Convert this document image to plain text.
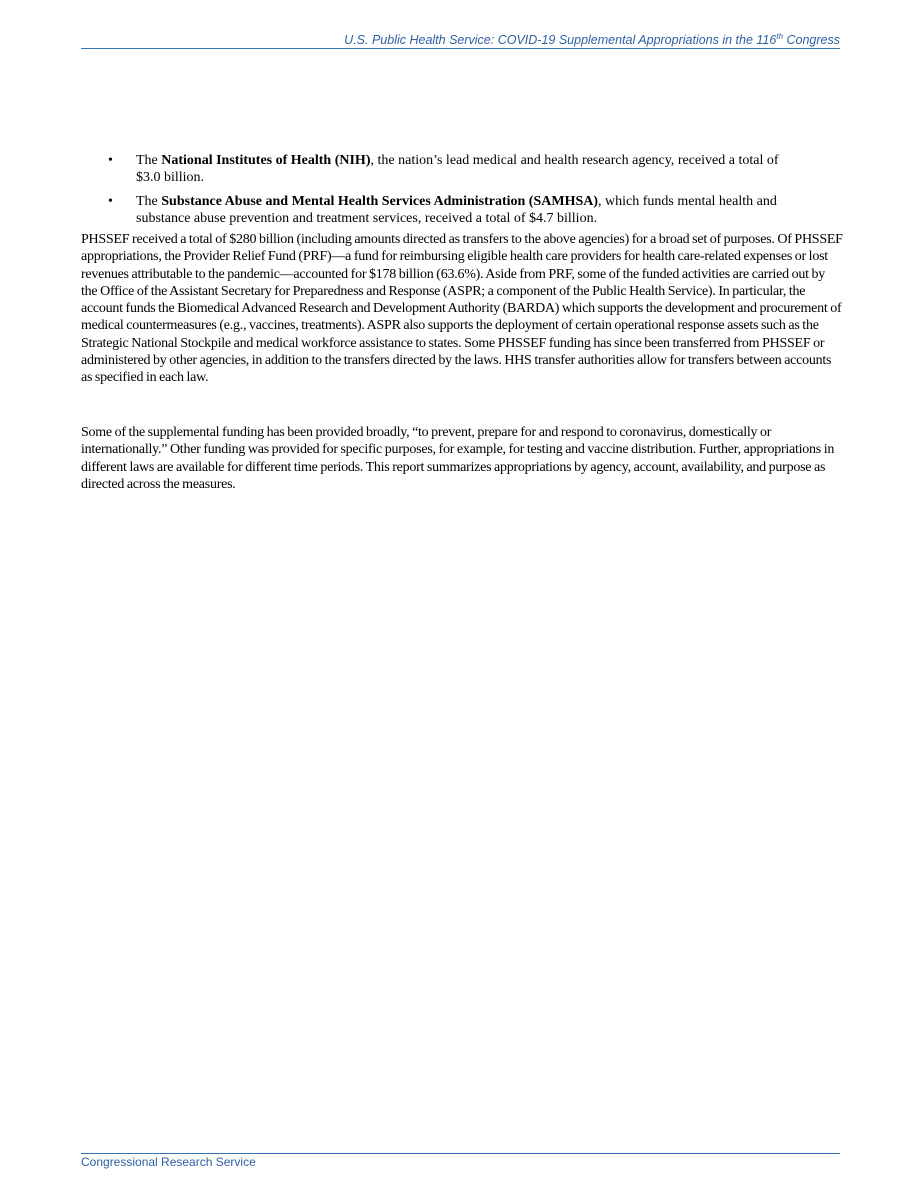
U.S. Public Health Service: COVID-19 Supplemental Appropriations in the 116th Congress
• The National Institutes of Health (NIH), the nation’s lead medical and health research agency, received a total of $3.0 billion.
• The Substance Abuse and Mental Health Services Administration (SAMHSA), which funds mental health and substance abuse prevention and treatment services, received a total of $4.7 billion.

PHSSEF received a total of $280 billion (including amounts directed as transfers to the above agencies) for a broad set of purposes. Of PHSSEF appropriations, the Provider Relief Fund (PRF)—a fund for reimbursing eligible health care providers for health care-related expenses or lost revenues attributable to the pandemic—accounted for $178 billion (63.6%). Aside from PRF, some of the funded activities are carried out by the Office of the Assistant Secretary for Preparedness and Response (ASPR; a component of the Public Health Service). In particular, the account funds the Biomedical Advanced Research and Development Authority (BARDA) which supports the development and procurement of medical countermeasures (e.g., vaccines, treatments). ASPR also supports the deployment of certain operational response assets such as the Strategic National Stockpile and medical workforce assistance to states. Some PHSSEF funding has since been transferred from PHSSEF or administered by other agencies, in addition to the transfers directed by the laws. HHS transfer authorities allow for transfers between accounts as specified in each law.

Some of the supplemental funding has been provided broadly, “to prevent, prepare for and respond to coronavirus, domestically or internationally.” Other funding was provided for specific purposes, for example, for testing and vaccine distribution. Further, appropriations in different laws are available for different time periods. This report summarizes appropriations by agency, account, availability, and purpose as directed across the measures.

Congressional Research Service
